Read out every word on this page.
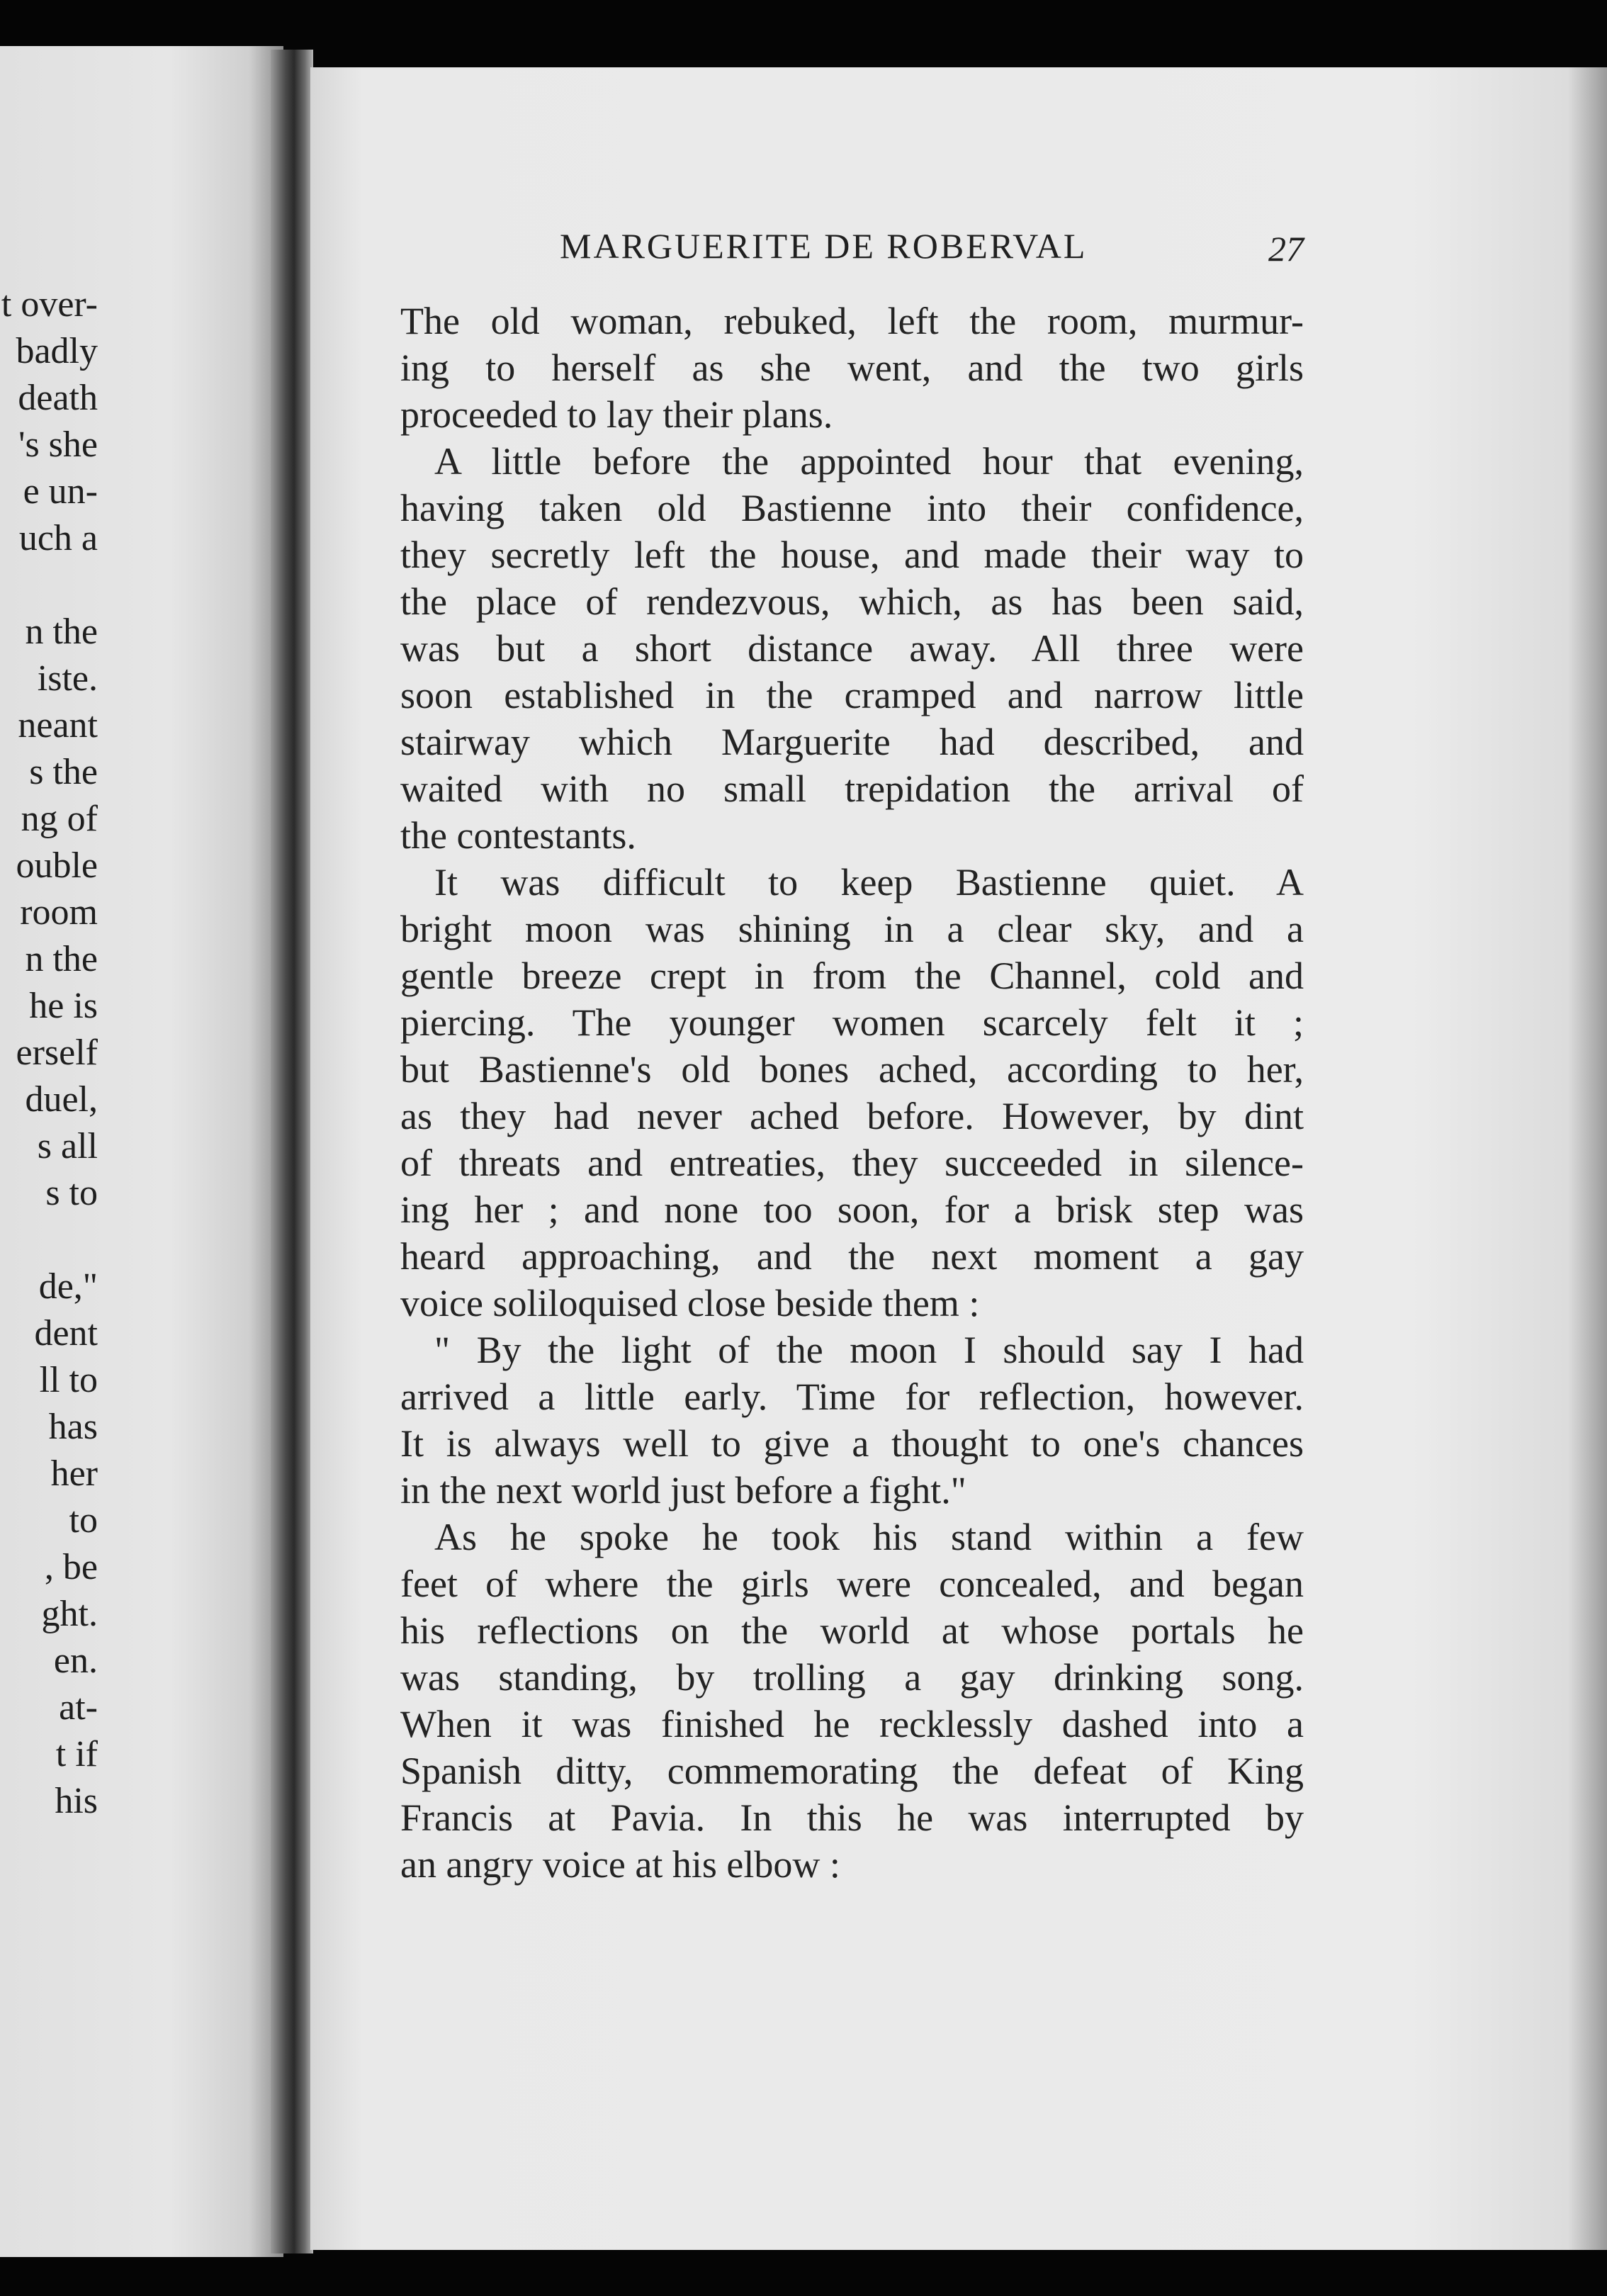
t over-
badly
death
's she
e un-
uch a
n the
iste.
neant
s the
ng of
ouble
room
n the
he is
erself
duel,
s all
s to
de,"
dent
ll to
has
her
to
, be
ght.
en.
at-
t if
his
MARGUERITE DE ROBERVAL	27
The old woman, rebuked, left the room, murmur-
ing to herself as she went, and the two girls
proceeded to lay their plans.
A little before the appointed hour that evening,
having taken old Bastienne into their confidence,
they secretly left the house, and made their way to
the place of rendezvous, which, as has been said,
was but a short distance away. All three were
soon established in the cramped and narrow little
stairway which Marguerite had described, and
waited with no small trepidation the arrival of
the contestants.
It was difficult to keep Bastienne quiet. A
bright moon was shining in a clear sky, and a
gentle breeze crept in from the Channel, cold and
piercing. The younger women scarcely felt it ;
but Bastienne's old bones ached, according to her,
as they had never ached before. However, by dint
of threats and entreaties, they succeeded in silence-
ing her ; and none too soon, for a brisk step was
heard approaching, and the next moment a gay
voice soliloquised close beside them :
" By the light of the moon I should say I had
arrived a little early. Time for reflection, however.
It is always well to give a thought to one's chances
in the next world just before a fight."
As he spoke he took his stand within a few
feet of where the girls were concealed, and began
his reflections on the world at whose portals he
was standing, by trolling a gay drinking song.
When it was finished he recklessly dashed into a
Spanish ditty, commemorating the defeat of King
Francis at Pavia. In this he was interrupted by
an angry voice at his elbow :
